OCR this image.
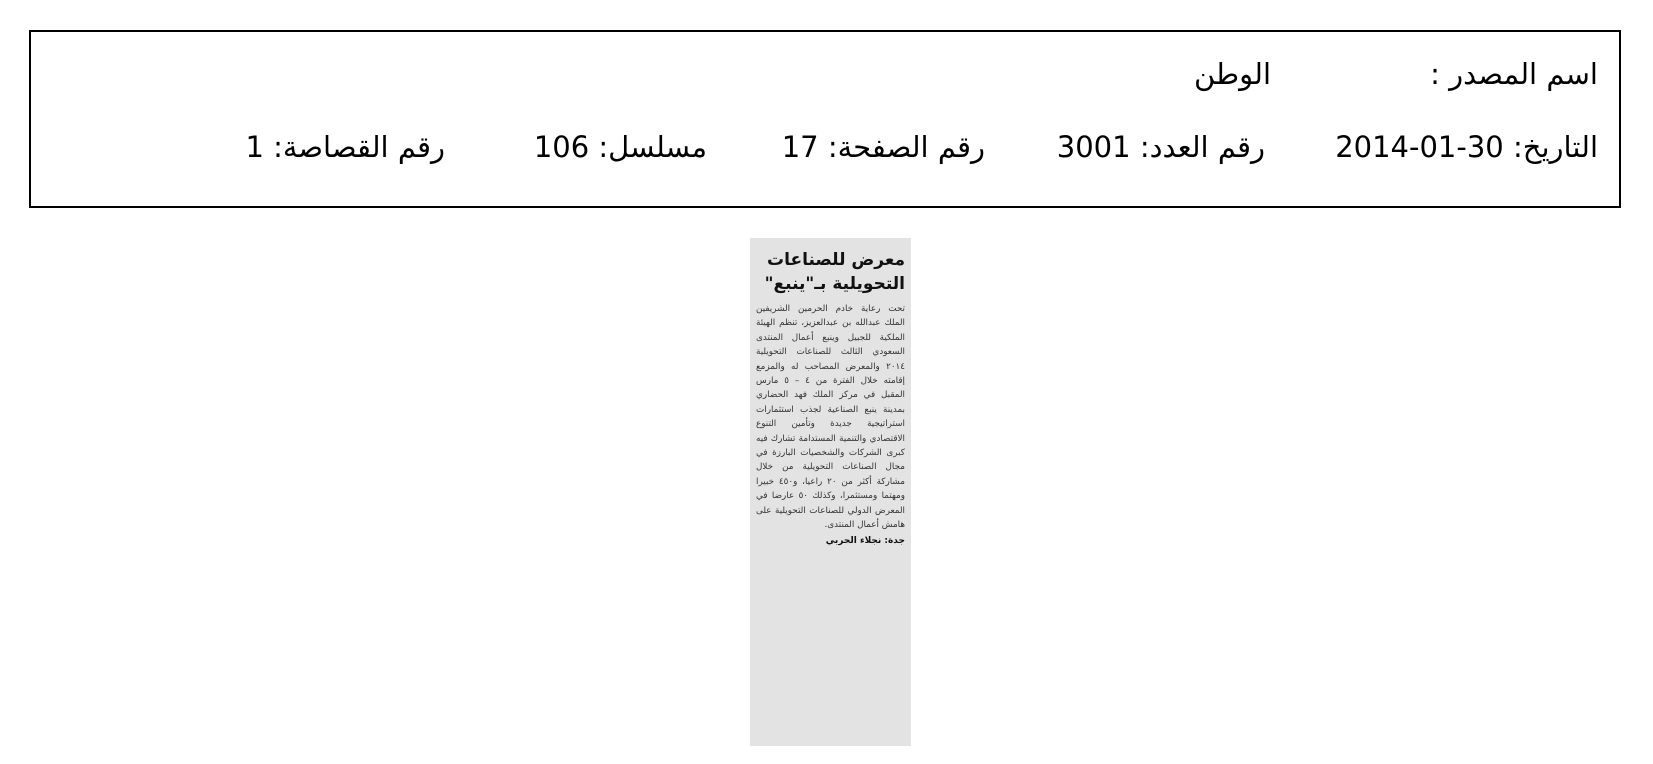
اسم المصدر :
الوطن
التاريخ: 2014-01-30
رقم العدد: 3001
رقم الصفحة: 17
مسلسل: 106
رقم القصاصة: 1

معرض للصناعات التحويلية بـ"ينبع"

تحت رعاية خادم الحرمين الشريفين الملك عبدالله بن عبدالعزيز، تنظم الهيئة الملكية للجبيل وينبع أعمال المنتدى السعودي الثالث للصناعات التحويلية ٢٠١٤ والمعرض المصاحب له والمزمع إقامته خلال الفترة من ٤ – ٥ مارس المقبل في مركز الملك فهد الحضاري بمدينة ينبع الصناعية لجذب استثمارات استراتيجية جديدة وتأمين التنوع الاقتصادي والتنمية المستدامة تشارك فيه كبرى الشركات والشخصيات البارزة في مجال الصناعات التحويلية من خلال مشاركة أكثر من ٢٠ راعيا، و٤٥٠ خبيرا ومهتما ومستثمرا، وكذلك ٥٠ عارضا في المعرض الدولي للصناعات التحويلية على هامش أعمال المنتدى.

جدة: نجلاء الحربي
